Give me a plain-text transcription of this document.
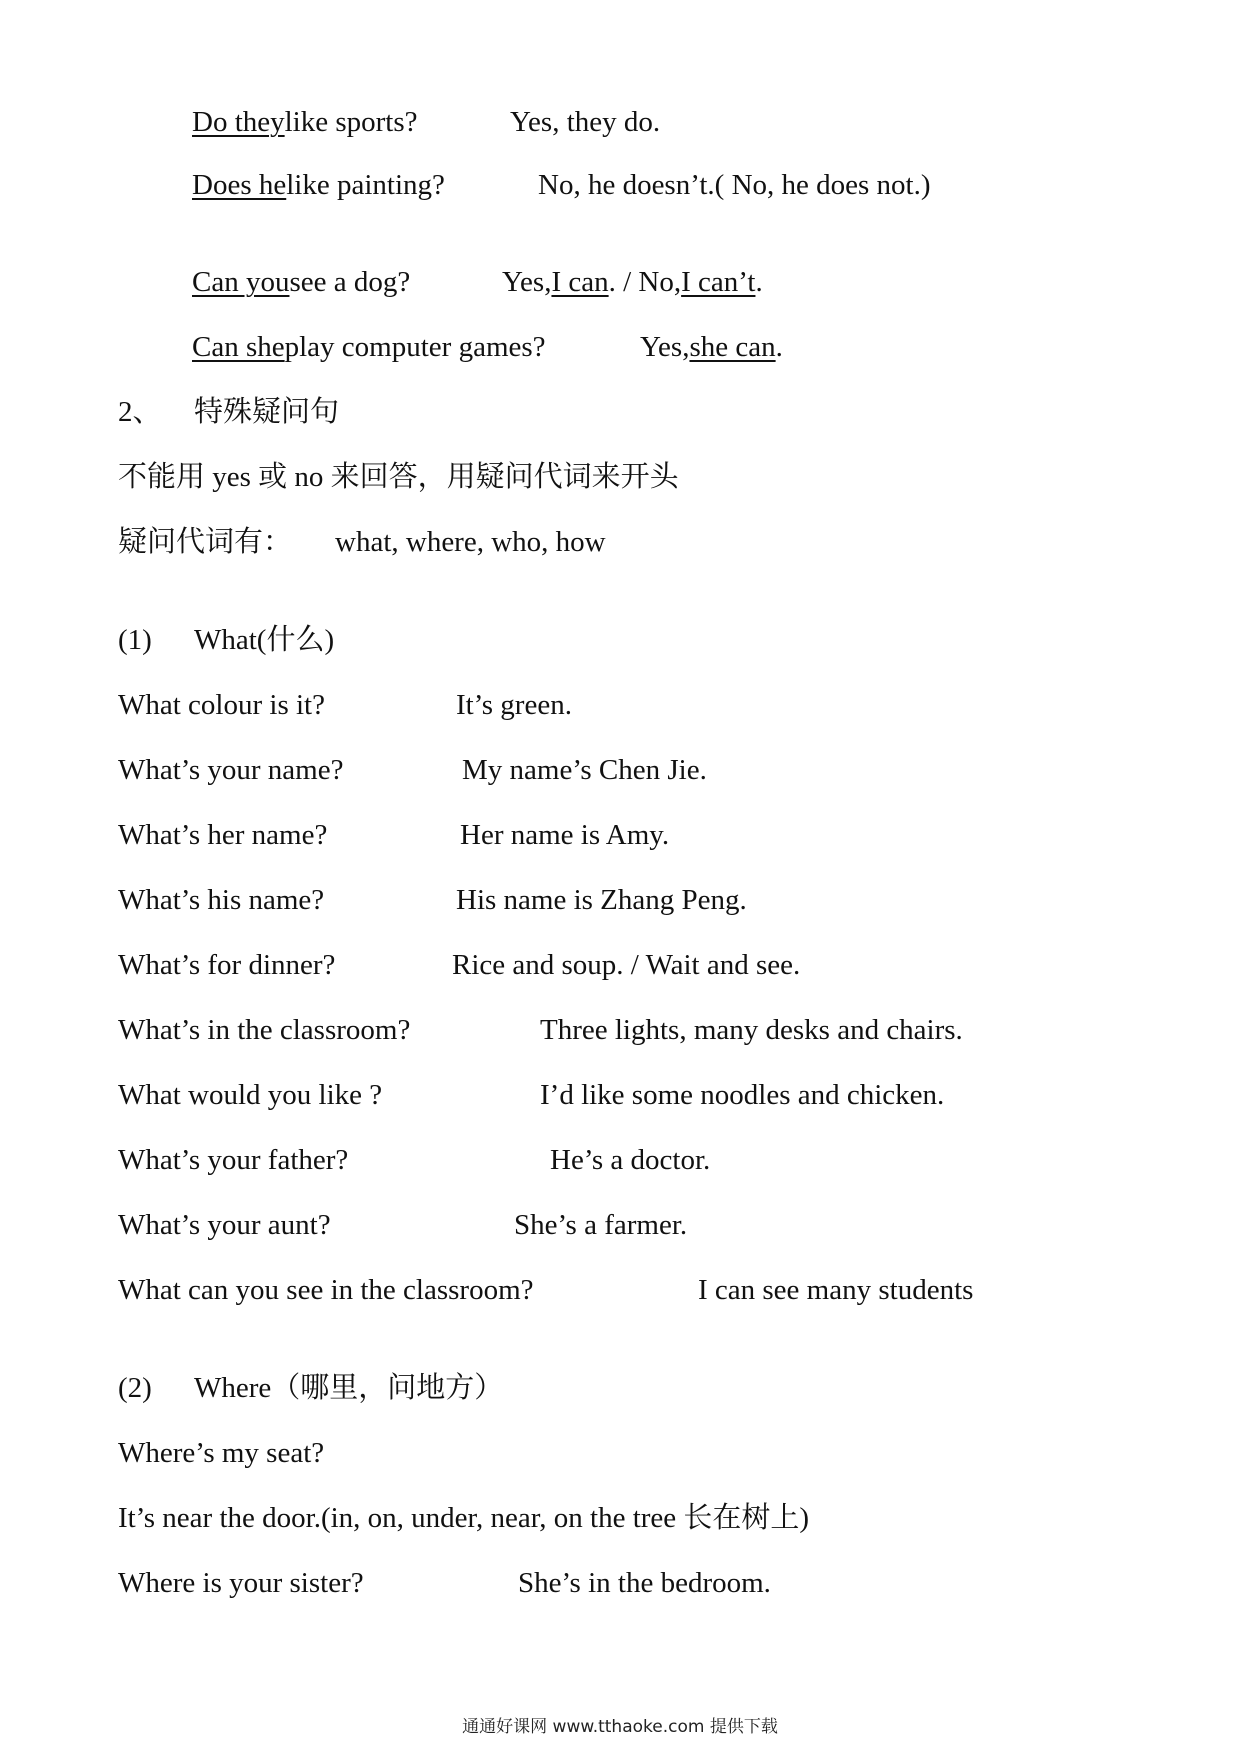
Do theylike sports?	Yes, they do.
Does helike painting?	No, he doesn’t.( No, he does not.)
Can yousee a dog?	Yes,I can. / No,I can’t.
Can sheplay computer games?	Yes,she can.
2、 特殊疑问句
不能用 yes 或 no 来回答，用疑问代词来开头
疑问代词有： what, where, who, how
(1) What(什么)
What colour is it?	It’s green.
What’s your name?	My name’s Chen Jie.
What’s her name?	Her name is Amy.
What’s his name?	His name is Zhang Peng.
What’s for dinner?	Rice and soup. / Wait and see.
What’s in the classroom?	Three lights, many desks and chairs.
What would you like ?	I’d like some noodles and chicken.
What’s your father?	He’s a doctor.
What’s your aunt?	She’s a farmer.
What can you see in the classroom?	I can see many students
(2) Where（哪里，问地方）
Where’s my seat?
It’s near the door.(in, on, under, near, on the tree 长在树上)
Where is your sister?	She’s in the bedroom.
通通好课网 www.tthaoke.com 提供下载
